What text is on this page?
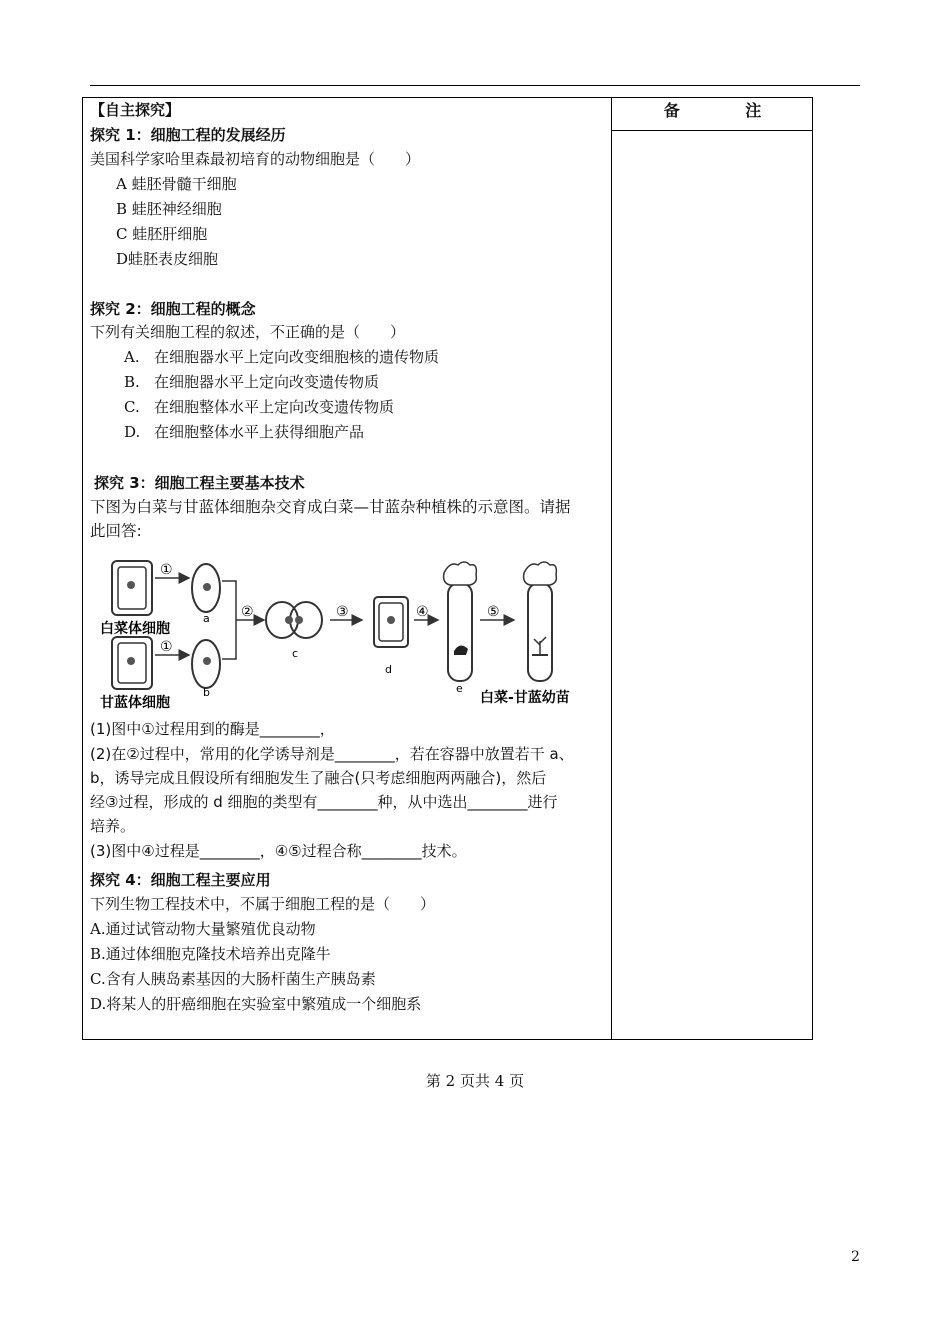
备 注
【自主探究】
探究 1：细胞工程的发展经历
美国科学家哈里森最初培育的动物细胞是（　　）
A 蛙胚骨髓干细胞
B 蛙胚神经细胞
C 蛙胚肝细胞
D蛙胚表皮细胞
探究 2：细胞工程的概念
下列有关细胞工程的叙述，不正确的是（　　）
A. 在细胞器水平上定向改变细胞核的遗传物质
B. 在细胞器水平上定向改变遗传物质
C. 在细胞整体水平上定向改变遗传物质
D. 在细胞整体水平上获得细胞产品
探究 3：细胞工程主要基本技术
下图为白菜与甘蓝体细胞杂交育成白菜—甘蓝杂种植株的示意图。请据
此回答:
①
a
白菜体细胞
①
b
甘蓝体细胞
②
c
③
d
④
e
⑤
白菜-甘蓝幼苗
(1)图中①过程用到的酶是________，
(2)在②过程中，常用的化学诱导剂是________，若在容器中放置若干 a、
b，诱导完成且假设所有细胞发生了融合(只考虑细胞两两融合)，然后
经③过程，形成的 d 细胞的类型有________种，从中选出________进行
培养。
(3)图中④过程是________，④⑤过程合称________技术。
探究 4：细胞工程主要应用
下列生物工程技术中，不属于细胞工程的是（　　）
A.通过试管动物大量繁殖优良动物
B.通过体细胞克隆技术培养出克隆牛
C.含有人胰岛素基因的大肠杆菌生产胰岛素
D.将某人的肝癌细胞在实验室中繁殖成一个细胞系
第 2 页共 4 页
2
